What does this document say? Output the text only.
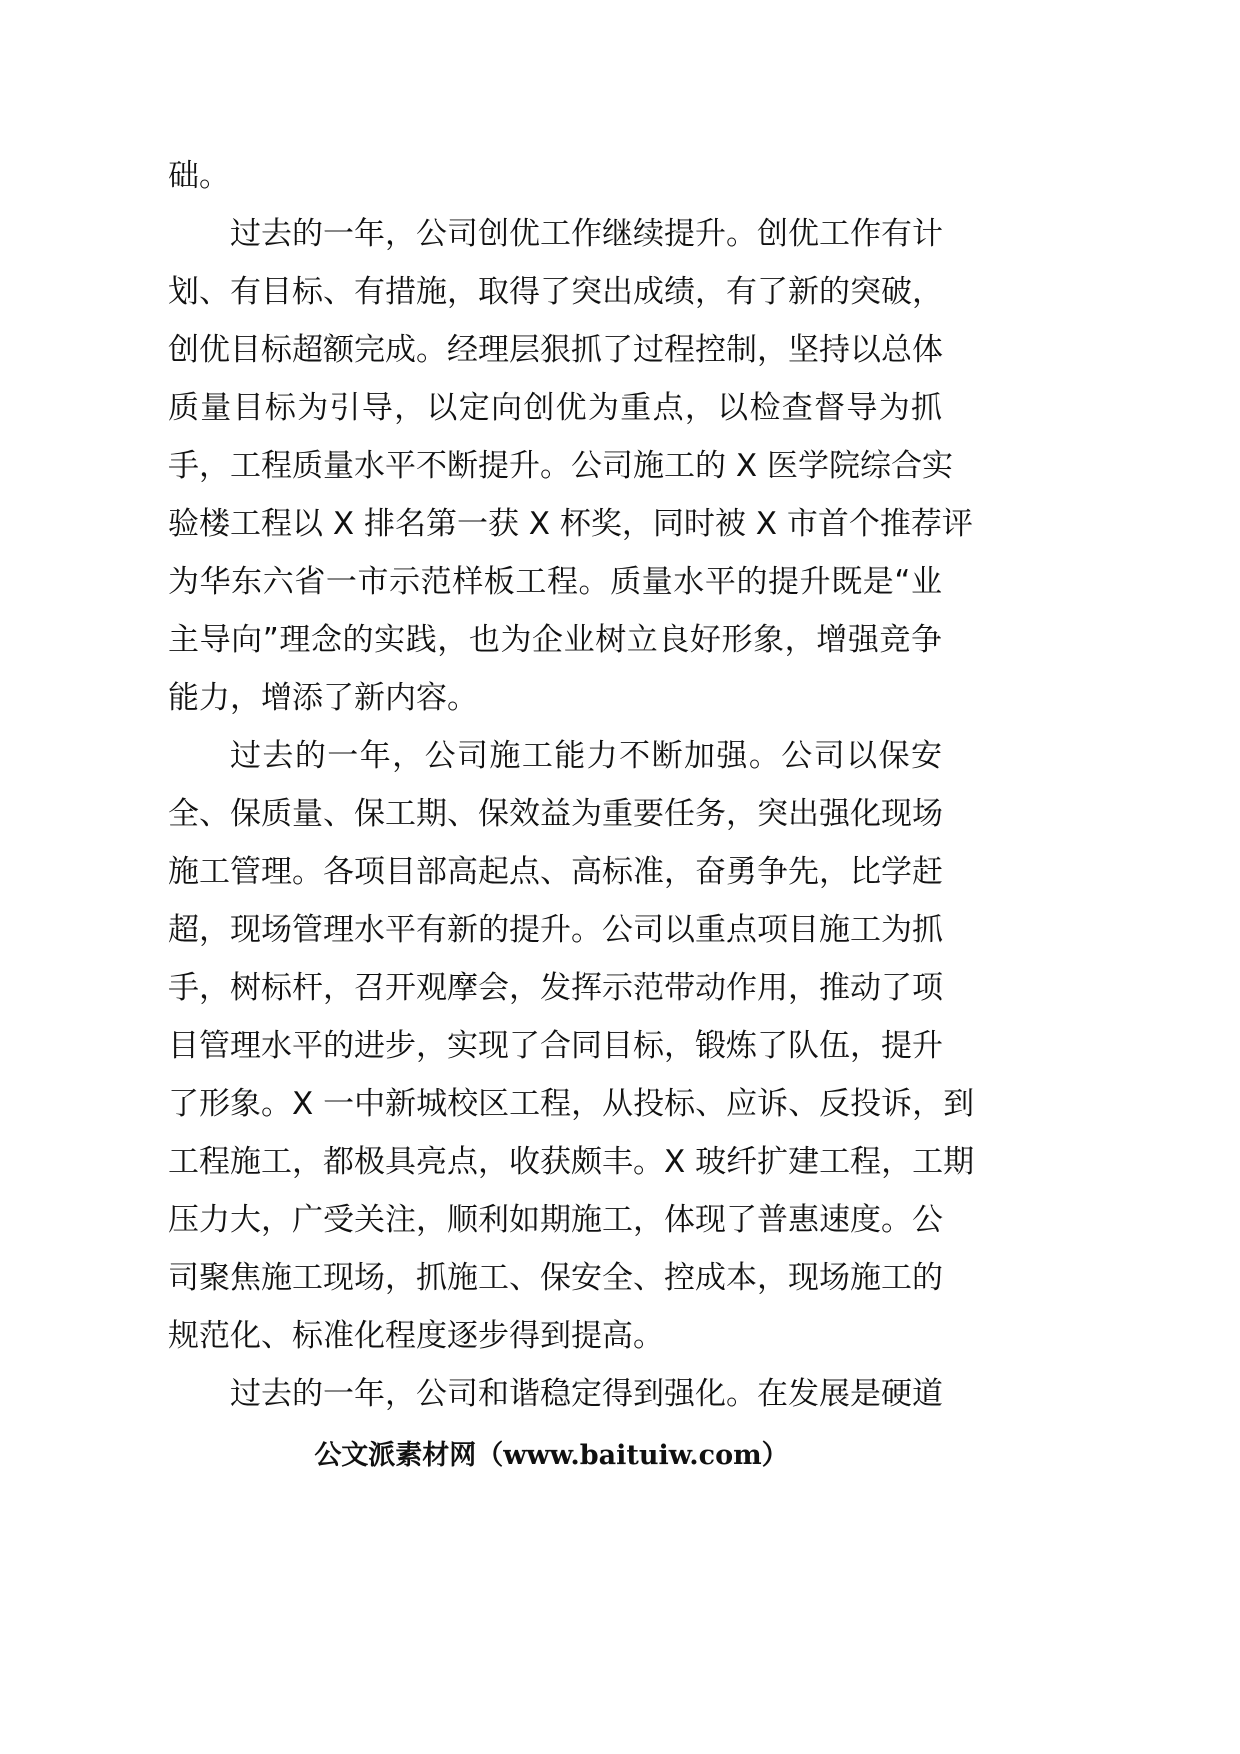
础。
过去的一年，公司创优工作继续提升。创优工作有计
划、有目标、有措施，取得了突出成绩，有了新的突破，
创优目标超额完成。经理层狠抓了过程控制，坚持以总体
质量目标为引导，以定向创优为重点，以检查督导为抓
手，工程质量水平不断提升。公司施工的 X 医学院综合实
验楼工程以 X 排名第一获 X 杯奖，同时被 X 市首个推荐评
为华东六省一市示范样板工程。质量水平的提升既是“业
主导向”理念的实践，也为企业树立良好形象，增强竞争
能力，增添了新内容。
过去的一年，公司施工能力不断加强。公司以保安
全、保质量、保工期、保效益为重要任务，突出强化现场
施工管理。各项目部高起点、高标准，奋勇争先，比学赶
超，现场管理水平有新的提升。公司以重点项目施工为抓
手，树标杆，召开观摩会，发挥示范带动作用，推动了项
目管理水平的进步，实现了合同目标，锻炼了队伍，提升
了形象。X 一中新城校区工程，从投标、应诉、反投诉，到
工程施工，都极具亮点，收获颇丰。X 玻纤扩建工程，工期
压力大，广受关注，顺利如期施工，体现了普惠速度。公
司聚焦施工现场，抓施工、保安全、控成本，现场施工的
规范化、标准化程度逐步得到提高。
过去的一年，公司和谐稳定得到强化。在发展是硬道
公文派素材网（www.baituiw.com）
